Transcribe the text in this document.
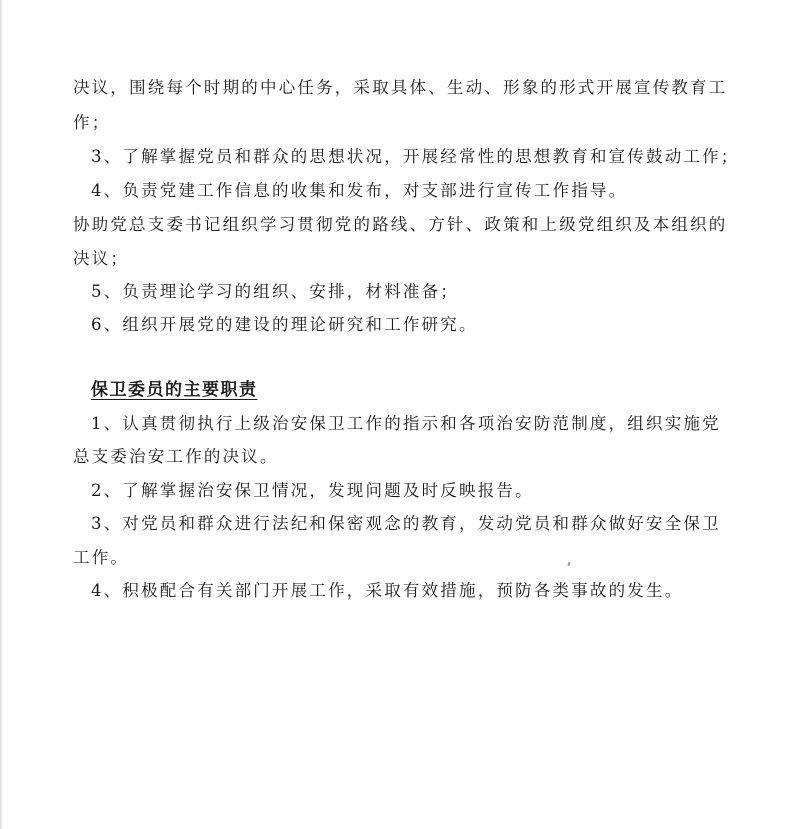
决议，围绕每个时期的中心任务，采取具体、生动、形象的形式开展宣传教育工
作；
3、了解掌握党员和群众的思想状况，开展经常性的思想教育和宣传鼓动工作；
4、负责党建工作信息的收集和发布，对支部进行宣传工作指导。
协助党总支委书记组织学习贯彻党的路线、方针、政策和上级党组织及本组织的
决议；
5、负责理论学习的组织、安排，材料准备；
6、组织开展党的建设的理论研究和工作研究。
保卫委员的主要职责
1、认真贯彻执行上级治安保卫工作的指示和各项治安防范制度，组织实施党
总支委治安工作的决议。
2、了解掌握治安保卫情况，发现问题及时反映报告。
3、对党员和群众进行法纪和保密观念的教育，发动党员和群众做好安全保卫
工作。
4、积极配合有关部门开展工作，采取有效措施，预防各类事故的发生。
